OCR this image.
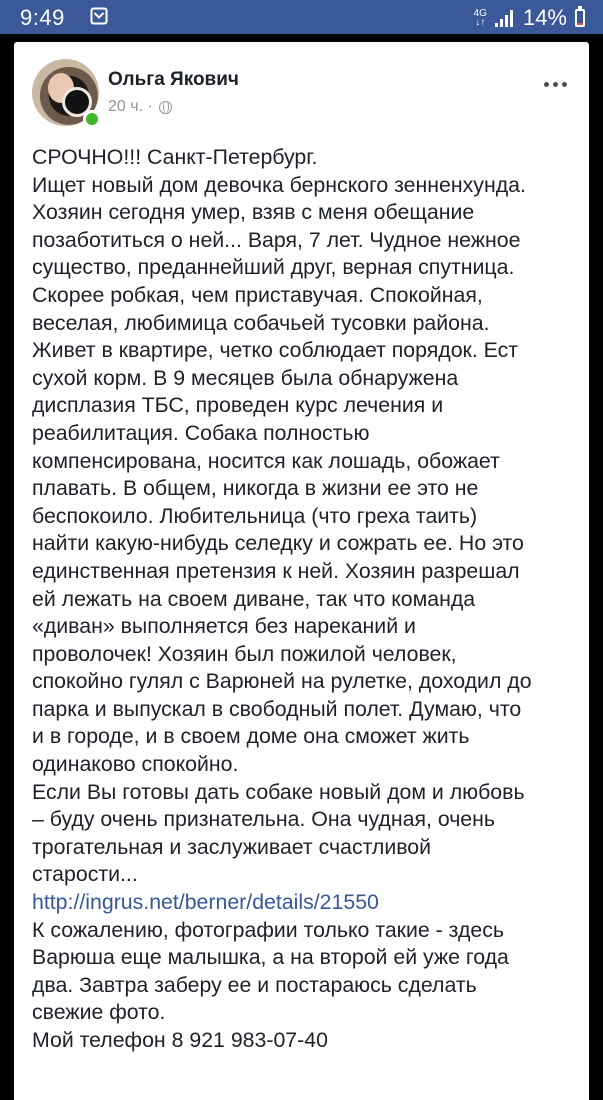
9:49	4G
↓↑ 14%
Ольга Якович
20 ч. ·
СРОЧНО!!! Санкт-Петербург.
Ищет новый дом девочка бернского зенненхунда.
Хозяин сегодня умер, взяв с меня обещание
позаботиться о ней... Варя, 7 лет. Чудное нежное
существо, преданнейший друг, верная спутница.
Скорее робкая, чем приставучая. Спокойная,
веселая, любимица собачьей тусовки района.
Живет в квартире, четко соблюдает порядок. Ест
сухой корм. В 9 месяцев была обнаружена
дисплазия ТБС, проведен курс лечения и
реабилитация. Собака полностью
компенсирована, носится как лошадь, обожает
плавать. В общем, никогда в жизни ее это не
беспокоило. Любительница (что греха таить)
найти какую-нибудь селедку и сожрать ее. Но это
единственная претензия к ней. Хозяин разрешал
ей лежать на своем диване, так что команда
«диван» выполняется без нареканий и
проволочек! Хозяин был пожилой человек,
спокойно гулял с Варюней на рулетке, доходил до
парка и выпускал в свободный полет. Думаю, что
и в городе, и в своем доме она сможет жить
одинаково спокойно.
Если Вы готовы дать собаке новый дом и любовь
– буду очень признательна. Она чудная, очень
трогательная и заслуживает счастливой
старости...
http://ingrus.net/berner/details/21550
К сожалению, фотографии только такие - здесь
Варюша еще малышка, а на второй ей уже года
два. Завтра заберу ее и постараюсь сделать
свежие фото.
Мой телефон 8 921 983-07-40
